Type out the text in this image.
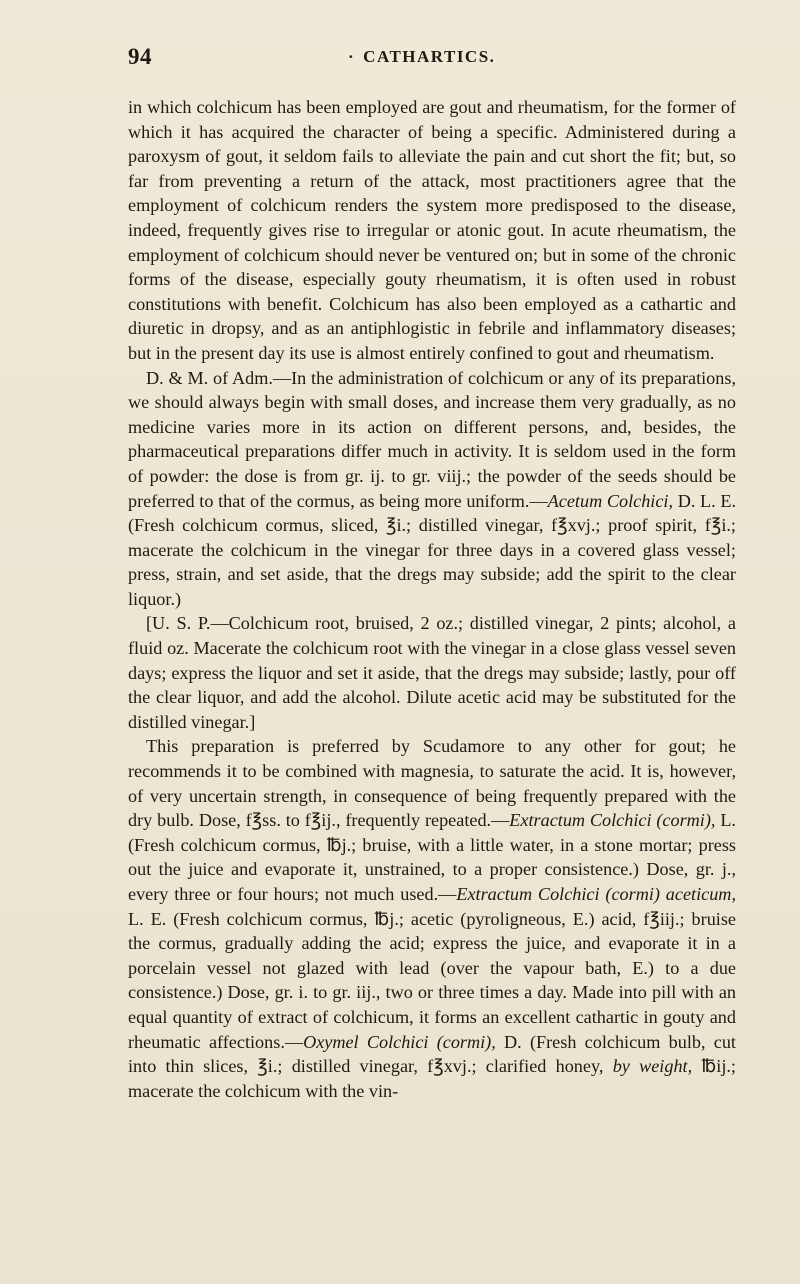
94	· CATHARTICS.

in which colchicum has been employed are gout and rheumatism, for the former of which it has acquired the character of being a specific. Administered during a paroxysm of gout, it seldom fails to alleviate the pain and cut short the fit; but, so far from preventing a return of the attack, most practitioners agree that the employment of colchicum renders the system more predisposed to the disease, indeed, frequently gives rise to irregular or atonic gout. In acute rheumatism, the employment of colchicum should never be ventured on; but in some of the chronic forms of the disease, especially gouty rheumatism, it is often used in robust constitutions with benefit. Colchicum has also been employed as a cathartic and diuretic in dropsy, and as an antiphlogistic in febrile and inflammatory diseases; but in the present day its use is almost entirely confined to gout and rheumatism.

D. & M. of Adm.—In the administration of colchicum or any of its preparations, we should always begin with small doses, and increase them very gradually, as no medicine varies more in its action on different persons, and, besides, the pharmaceutical preparations differ much in activity. It is seldom used in the form of powder: the dose is from gr. ij. to gr. viij.; the powder of the seeds should be preferred to that of the cormus, as being more uniform.—Acetum Colchici, D. L. E. (Fresh colchicum cormus, sliced, ℥i.; distilled vinegar, f℥xvj.; proof spirit, f℥i.; macerate the colchicum in the vinegar for three days in a covered glass vessel; press, strain, and set aside, that the dregs may subside; add the spirit to the clear liquor.)

[U. S. P.—Colchicum root, bruised, 2 oz.; distilled vinegar, 2 pints; alcohol, a fluid oz. Macerate the colchicum root with the vinegar in a close glass vessel seven days; express the liquor and set it aside, that the dregs may subside; lastly, pour off the clear liquor, and add the alcohol. Dilute acetic acid may be substituted for the distilled vinegar.]

This preparation is preferred by Scudamore to any other for gout; he recommends it to be combined with magnesia, to saturate the acid. It is, however, of very uncertain strength, in consequence of being frequently prepared with the dry bulb. Dose, f℥ss. to f℥ij., frequently repeated.—Extractum Colchici (cormi), L. (Fresh colchicum cormus, ℔j.; bruise, with a little water, in a stone mortar; press out the juice and evaporate it, unstrained, to a proper consistence.) Dose, gr. j., every three or four hours; not much used.—Extractum Colchici (cormi) aceticum, L. E. (Fresh colchicum cormus, ℔j.; acetic (pyroligneous, E.) acid, f℥iij.; bruise the cormus, gradually adding the acid; express the juice, and evaporate it in a porcelain vessel not glazed with lead (over the vapour bath, E.) to a due consistence.) Dose, gr. i. to gr. iij., two or three times a day. Made into pill with an equal quantity of extract of colchicum, it forms an excellent cathartic in gouty and rheumatic affections.—Oxymel Colchici (cormi), D. (Fresh colchicum bulb, cut into thin slices, ℥i.; distilled vinegar, f℥xvj.; clarified honey, by weight, ℔ij.; macerate the colchicum with the vin-
